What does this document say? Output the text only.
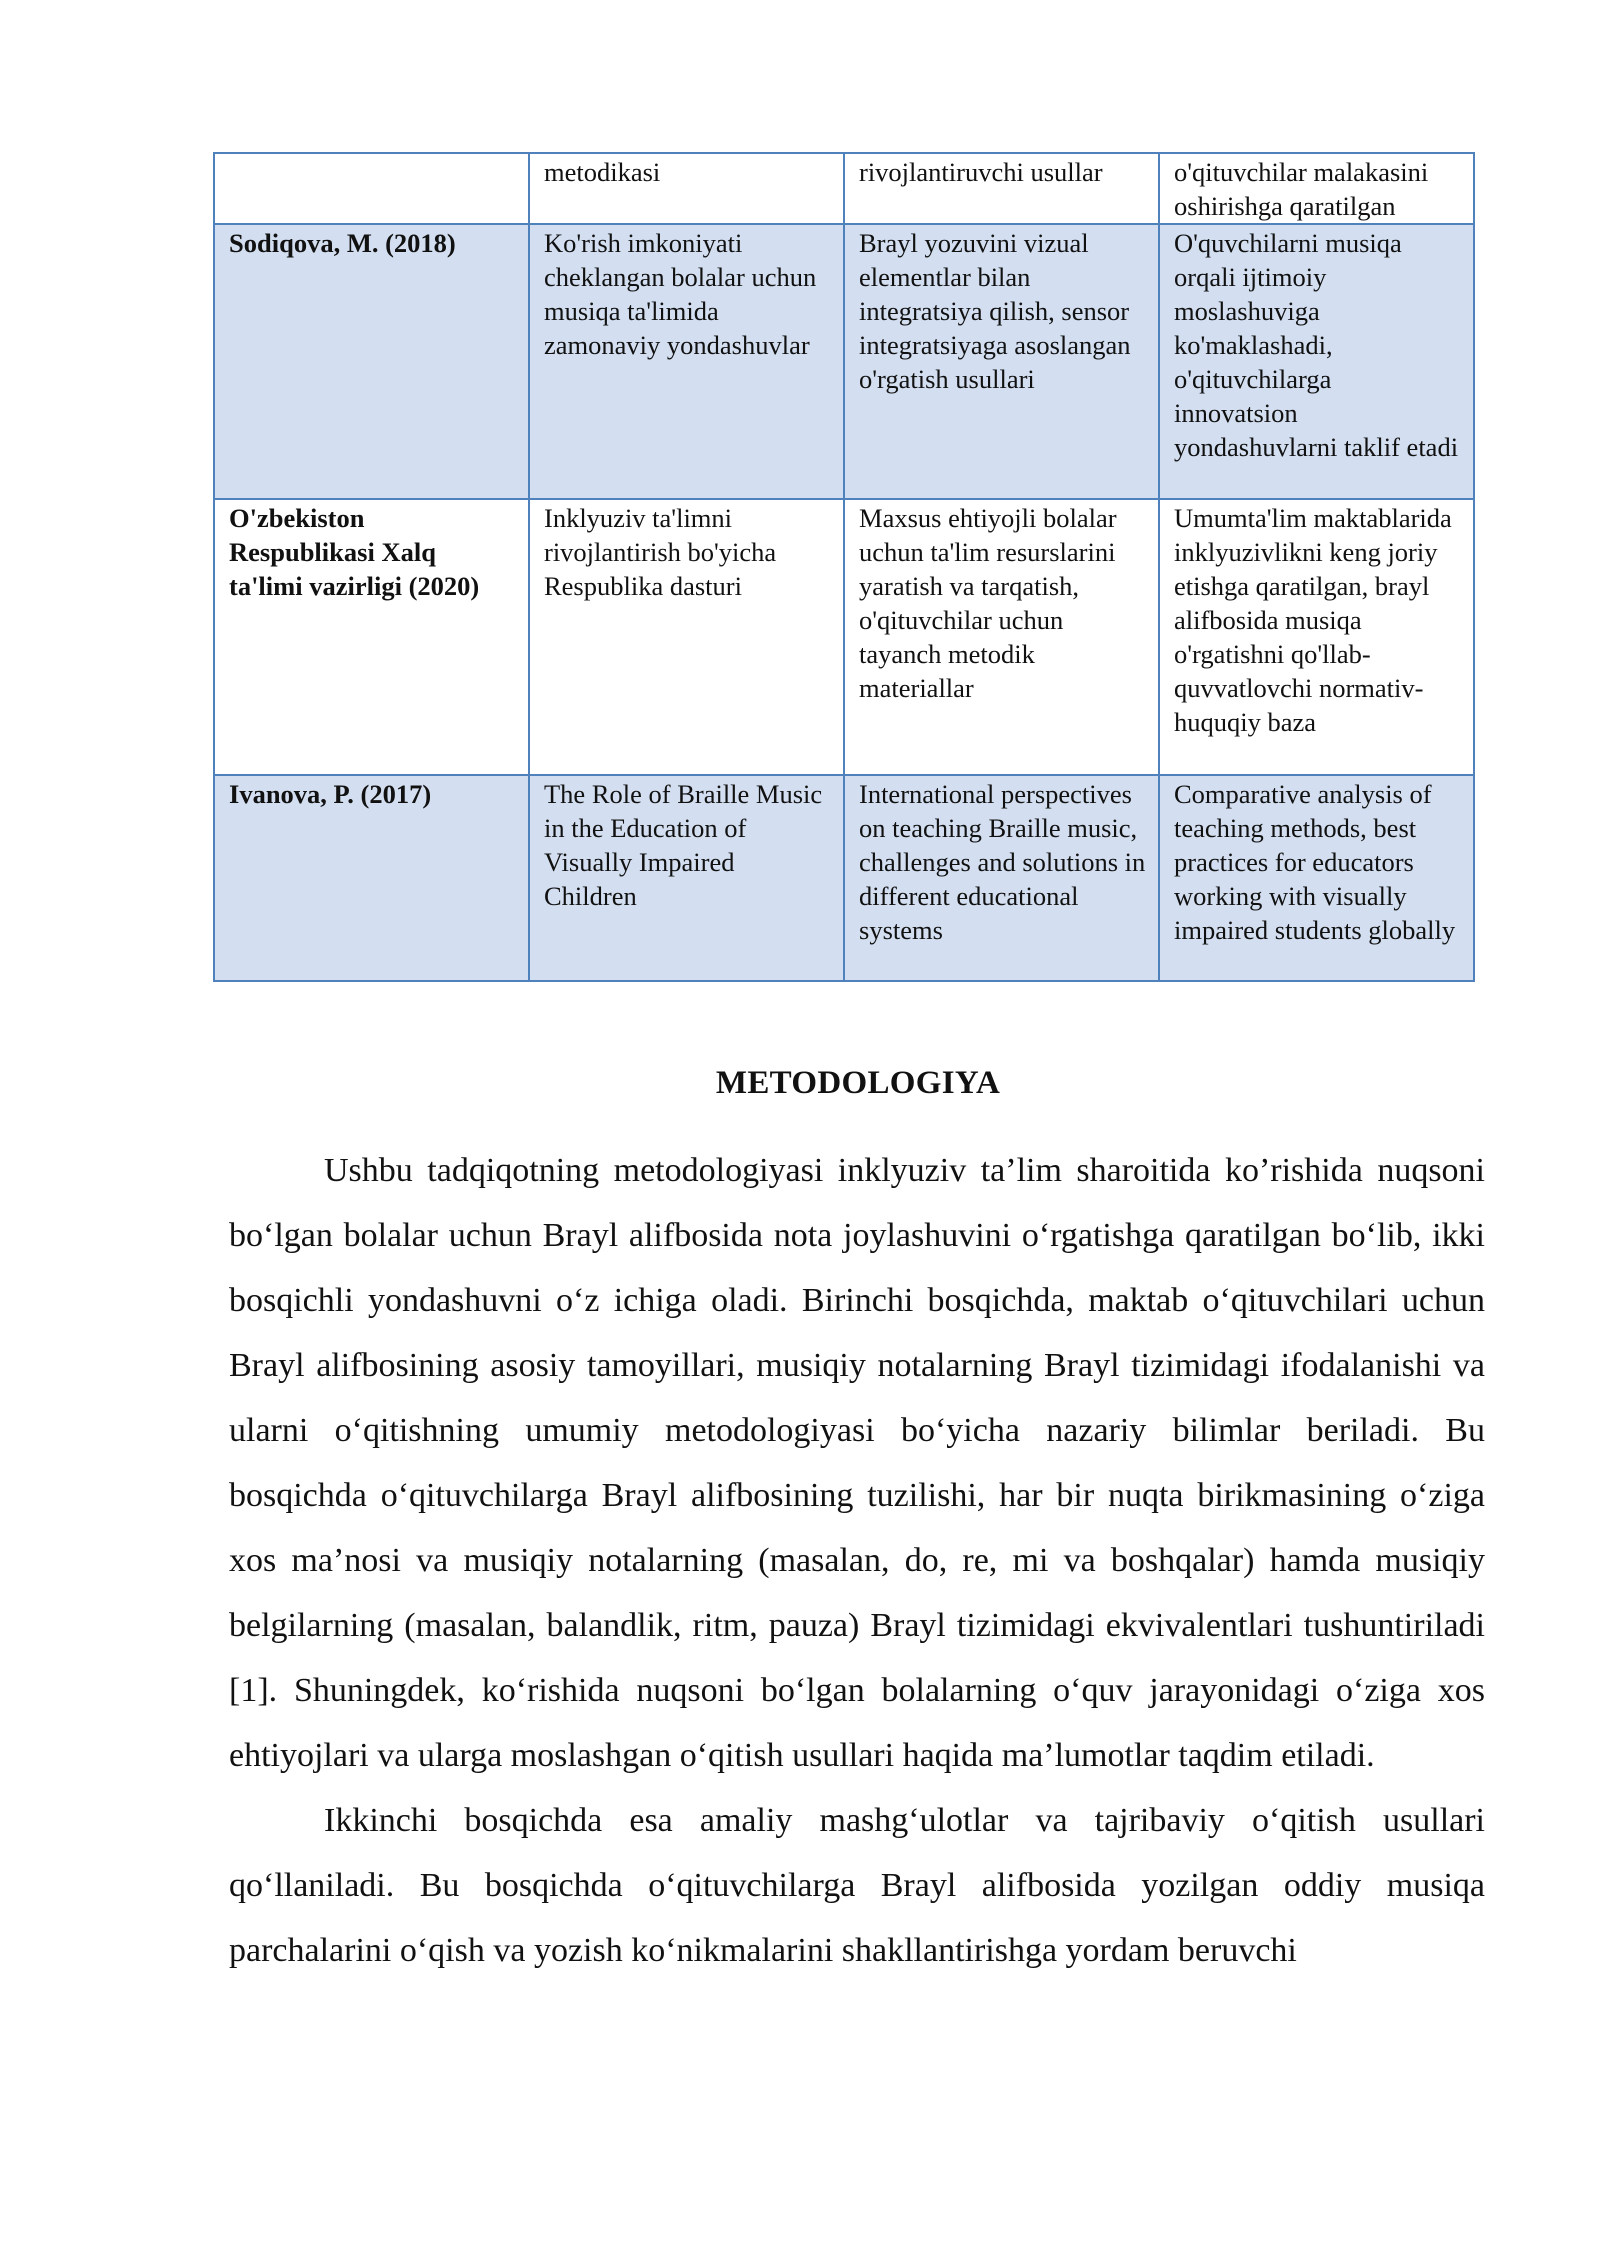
	metodikasi	rivojlantiruvchi usullar	o'qituvchilar malakasini oshirishga qaratilgan
Sodiqova, M. (2018)	Ko'rish imkoniyati cheklangan bolalar uchun musiqa ta'limida zamonaviy yondashuvlar	Brayl yozuvini vizual elementlar bilan integratsiya qilish, sensor integratsiyaga asoslangan o'rgatish usullari	O'quvchilarni musiqa orqali ijtimoiy moslashuviga ko'maklashadi, o'qituvchilarga innovatsion yondashuvlarni taklif etadi
O'zbekiston Respublikasi Xalq ta'limi vazirligi (2020)	Inklyuziv ta'limni rivojlantirish bo'yicha Respublika dasturi	Maxsus ehtiyojli bolalar uchun ta'lim resurslarini yaratish va tarqatish, o'qituvchilar uchun tayanch metodik materiallar	Umumta'lim maktablarida inklyuzivlikni keng joriy etishga qaratilgan, brayl alifbosida musiqa o'rgatishni qo'llab-quvvatlovchi normativ-huquqiy baza
Ivanova, P. (2017)	The Role of Braille Music in the Education of Visually Impaired Children	International perspectives on teaching Braille music, challenges and solutions in different educational systems	Comparative analysis of teaching methods, best practices for educators working with visually impaired students globally
METODOLOGIYA

Ushbu tadqiqotning metodologiyasi inklyuziv ta’lim sharoitida ko’rishida nuqsoni bo‘lgan bolalar uchun Brayl alifbosida nota joylashuvini o‘rgatishga qaratilgan bo‘lib, ikki bosqichli yondashuvni o‘z ichiga oladi. Birinchi bosqichda, maktab o‘qituvchilari uchun Brayl alifbosining asosiy tamoyillari, musiqiy notalarning Brayl tizimidagi ifodalanishi va ularni o‘qitishning umumiy metodologiyasi bo‘yicha nazariy bilimlar beriladi. Bu bosqichda o‘qituvchilarga Brayl alifbosining tuzilishi, har bir nuqta birikmasining o‘ziga xos ma’nosi va musiqiy notalarning (masalan, do, re, mi va boshqalar) hamda musiqiy belgilarning (masalan, balandlik, ritm, pauza) Brayl tizimidagi ekvivalentlari tushuntiriladi [1]. Shuningdek, ko‘rishida nuqsoni bo‘lgan bolalarning o‘quv jarayonidagi o‘ziga xos ehtiyojlari va ularga moslashgan o‘qitish usullari haqida ma’lumotlar taqdim etiladi.

Ikkinchi bosqichda esa amaliy mashg‘ulotlar va tajribaviy o‘qitish usullari qo‘llaniladi. Bu bosqichda o‘qituvchilarga Brayl alifbosida yozilgan oddiy musiqa parchalarini o‘qish va yozish ko‘nikmalarini shakllantirishga yordam beruvchi
